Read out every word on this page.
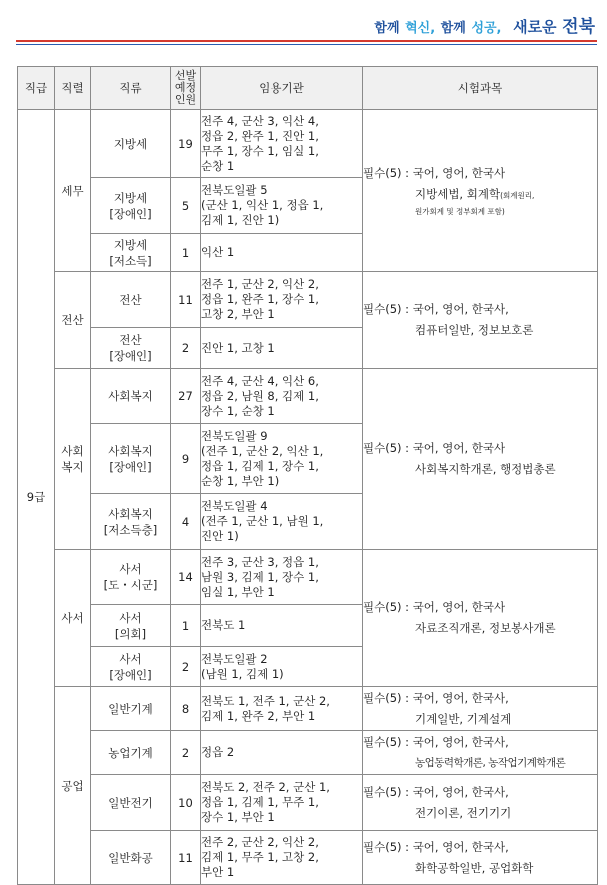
함께 혁신, 함께 성공, 새로운 전북
직급	직렬	직류	선발
예정
인원	임용기관	시험과목
9급	세무	지방세	19	전주 4, 군산 3, 익산 4,
정읍 2, 완주 1, 진안 1,
무주 1, 장수 1, 임실 1,
순창 1	필수(5) : 국어, 영어, 한국사
지방세법, 회계학(회계원리,
원가회계 및 정부회계 포함)

		지방세
[장애인]	5	전북도일괄 5
(군산 1, 익산 1, 정읍 1,
김제 1, 진안 1)	

		지방세
[저소득]	1	익산 1	

	전산	전산	11	전주 1, 군산 2, 익산 2,
정읍 1, 완주 1, 장수 1,
고창 2, 부안 1	필수(5) : 국어, 영어, 한국사,
컴퓨터일반, 정보보호론

		전산
[장애인]	2	진안 1, 고창 1	

	사회
복지	사회복지	27	전주 4, 군산 4, 익산 6,
정읍 2, 남원 8, 김제 1,
장수 1, 순창 1	필수(5) : 국어, 영어, 한국사
사회복지학개론, 행정법총론

		사회복지
[장애인]	9	전북도일괄 9
(전주 1, 군산 2, 익산 1,
정읍 1, 김제 1, 장수 1,
순창 1, 부안 1)	

		사회복지
[저소득층]	4	전북도일괄 4
(전주 1, 군산 1, 남원 1,
진안 1)	

	사서	사서
[도・시군]	14	전주 3, 군산 3, 정읍 1,
남원 3, 김제 1, 장수 1,
임실 1, 부안 1	필수(5) : 국어, 영어, 한국사
자료조직개론, 정보봉사개론

		사서
[의회]	1	전북도 1	

		사서
[장애인]	2	전북도일괄 2
(남원 1, 김제 1)	

	공업	일반기계	8	전북도 1, 전주 1, 군산 2,
김제 1, 완주 2, 부안 1	필수(5) : 국어, 영어, 한국사,
기계일반, 기계설계

		농업기계	2	정읍 2	필수(5) : 국어, 영어, 한국사,
농업동력학개론, 농작업기계학개론

		일반전기	10	전북도 2, 전주 2, 군산 1,
정읍 1, 김제 1, 무주 1,
장수 1, 부안 1	필수(5) : 국어, 영어, 한국사,
전기이론, 전기기기

		일반화공	11	전주 2, 군산 2, 익산 2,
김제 1, 무주 1, 고창 2,
부안 1	필수(5) : 국어, 영어, 한국사,
화학공학일반, 공업화학
